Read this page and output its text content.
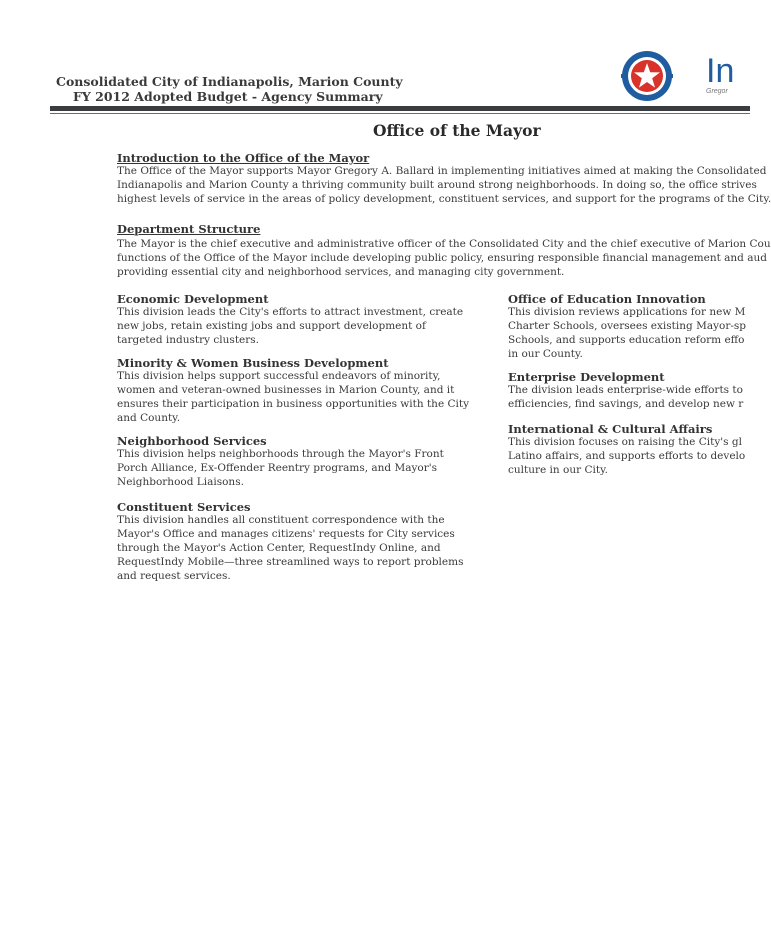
Consolidated City of Indianapolis, Marion County
FY 2012 Adopted Budget - Agency Summary
In
Gregor
Office of the Mayor
Introduction to the Office of the Mayor
The Office of the Mayor supports Mayor Gregory A. Ballard in implementing initiatives aimed at making the Consolidated
Indianapolis and Marion County a thriving community built around strong neighborhoods. In doing so, the office strives
highest levels of service in the areas of policy development, constituent services, and support for the programs of the City.
Department Structure
The Mayor is the chief executive and administrative officer of the Consolidated City and the chief executive of Marion Cou
functions of the Office of the Mayor include developing public policy, ensuring responsible financial management and aud
providing essential city and neighborhood services, and managing city government.
Economic Development
This division leads the City's efforts to attract investment, create
new jobs, retain existing jobs and support development of
targeted industry clusters.
Minority & Women Business Development
This division helps support successful endeavors of minority,
women and veteran-owned businesses in Marion County, and it
ensures their participation in business opportunities with the City
and County.
Neighborhood Services
This division helps neighborhoods through the Mayor's Front
Porch Alliance, Ex-Offender Reentry programs, and Mayor's
Neighborhood Liaisons.
Constituent Services
This division handles all constituent correspondence with the
Mayor's Office and manages citizens' requests for City services
through the Mayor's Action Center, RequestIndy Online, and
RequestIndy Mobile—three streamlined ways to report problems
and request services.
Office of Education Innovation
This division reviews applications for new M
Charter Schools, oversees existing Mayor-sp
Schools, and supports education reform effo
in our County.
Enterprise Development
The division leads enterprise-wide efforts to
efficiencies, find savings, and develop new r
International & Cultural Affairs
This division focuses on raising the City's gl
Latino affairs, and supports efforts to develo
culture in our City.
